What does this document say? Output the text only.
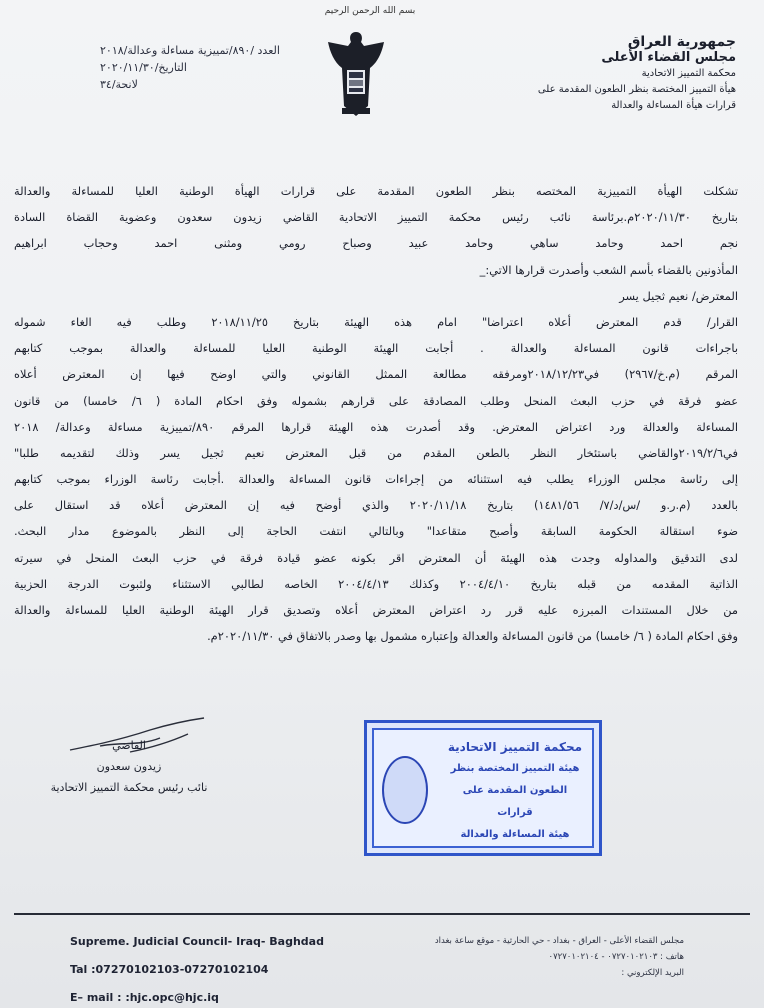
بسم الله الرحمن الرحيم
جمهورية العراق
مجلس القضاء الأعلى
محكمة التمييز الاتحادية
هيأة التمييز المختصة بنظر الطعون المقدمة على
قرارات هيأة المساءلة والعدالة
العدد /٨٩٠/تمييزية مساءلة وعدالة/٢٠١٨
التاريخ/٢٠٢٠/١١/٣٠
لانحة/٣٤
تشكلت الهيأة التمييزية المختصه بنظر الطعون المقدمة على قرارات الهيأة الوطنية العليا للمساءلة والعدالة
بتاريخ ٢٠٢٠/١١/٣٠م.برئاسة نائب رئيس محكمة التمييز الاتحادية القاضي زيدون سعدون وعضوية القضاة السادة
نجم احمد وحامد ساهي وحامد عبيد وصباح رومي ومثنى احمد وحجاب ابراهيم
المأذونين بالقضاء بأسم الشعب وأصدرت قرارها الاتي:_
المعترض/ نعيم ثجيل يسر
القرار/ قدم المعترض أعلاه اعتراضا" امام هذه الهيئة بتاريخ ٢٠١٨/١١/٢٥ وطلب فيه الغاء شموله
باجراءات قانون المساءلة والعدالة . أجابت الهيئة الوطنية العليا للمساءلة والعدالة بموجب كتابهم
المرقم (م.خ/٢٩٦٧) في٢٠١٨/١٢/٢٣ومرفقه مطالعة الممثل القانوني والتي اوضح فيها إن المعترض أعلاه
عضو فرقة في حزب البعث المنحل وطلب المصادقة على قرارهم بشموله وفق احكام المادة ( ٦/ خامسا) من قانون
المساءلة والعدالة ورد اعتراض المعترض. وقد أصدرت هذه الهيئة قرارها المرقم ٨٩٠/تمييزية مساءلة وعدالة/ ٢٠١٨
في٢٠١٩/٢/٦والقاضي باستئخار النظر بالطعن المقدم من قبل المعترض نعيم ثجيل يسر وذلك لتقديمه طلبا"
إلى رئاسة مجلس الوزراء يطلب فيه استثنائه من إجراءات قانون المساءلة والعدالة .أجابت رئاسة الوزراء بموجب كتابهم
بالعدد (م.ر.و /س/د/٧/ ١٤٨١/٥٦) بتاريخ ٢٠٢٠/١١/١٨ والذي أوضح فيه إن المعترض أعلاه قد استقال على
ضوء استقالة الحكومة السابقة وأصبح متقاعدا" وبالتالي انتفت الحاجة إلى النظر بالموضوع مدار البحث.
لدى التدقيق والمداوله وجدت هذه الهيئة أن المعترض اقر بكونه عضو قيادة فرقة في حزب البعث المنحل في سيرته
الذاتية المقدمه من قبله بتاريخ ٢٠٠٤/٤/١٠ وكذلك ٢٠٠٤/٤/١٣ الخاصه لطالبي الاستثناء ولثبوت الدرجة الحزبية
من خلال المستندات المبرزه عليه قرر رد اعتراض المعترض أعلاه وتصديق قرار الهيئة الوطنية العليا للمساءلة والعدالة
وفق احكام المادة ( ٦/ خامسا) من قانون المساءلة والعدالة وإعتباره مشمول بها وصدر بالاتفاق في ٢٠٢٠/١١/٣٠م.
القاضي
زيدون سعدون
نائب رئيس محكمة التمييز الاتحادية
محكمة التمييز الاتحادية
هيئة التمييز المختصة بنظر
الطعون المقدمة على قرارات
هيئة المساءلة والعدالة
Supreme. Judicial Council- Iraq- Baghdad
Tal :07270102103-07270102104
E– mail : :hjc.opc@hjc.iq
مجلس القضاء الأعلى - العراق - بغداد - حي الحارثية - موقع ساعة بغداد
هاتف : ٠٧٢٧٠١٠٢١٠٣ - ٠٧٢٧٠١٠٢١٠٤
البريد الإلكتروني :
